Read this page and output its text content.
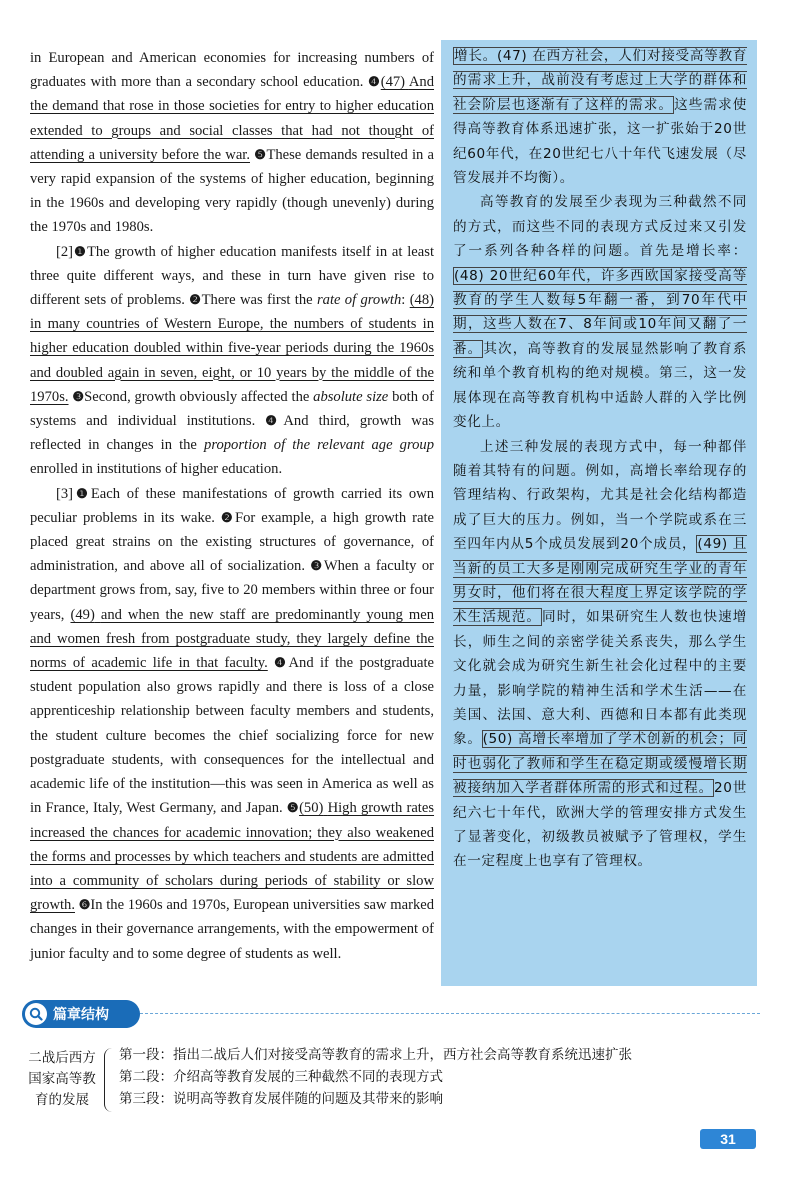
in European and American economies for increasing numbers of graduates with more than a secondary school education. ❹(47) And the demand that rose in those societies for entry to higher education extended to groups and social classes that had not thought of attending a university before the war. ❺These demands resulted in a very rapid expansion of the systems of higher education, beginning in the 1960s and developing very rapidly (though unevenly) during the 1970s and 1980s.

[2]❶The growth of higher education manifests itself in at least three quite different ways, and these in turn have given rise to different sets of problems. ❷There was first the rate of growth: (48) in many countries of Western Europe, the numbers of students in higher education doubled within five-year periods during the 1960s and doubled again in seven, eight, or 10 years by the middle of the 1970s. ❸Second, growth obviously affected the absolute size both of systems and individual institutions. ❹And third, growth was reflected in changes in the proportion of the relevant age group enrolled in institutions of higher education.

[3]❶Each of these manifestations of growth carried its own peculiar problems in its wake. ❷For example, a high growth rate placed great strains on the existing structures of governance, of administration, and above all of socialization. ❸When a faculty or department grows from, say, five to 20 members within three or four years, (49) and when the new staff are predominantly young men and women fresh from postgraduate study, they largely define the norms of academic life in that faculty. ❹And if the postgraduate student population also grows rapidly and there is loss of a close apprenticeship relationship between faculty members and students, the student culture becomes the chief socializing force for new postgraduate students, with consequences for the intellectual and academic life of the institution—this was seen in America as well as in France, Italy, West Germany, and Japan. ❺(50) High growth rates increased the chances for academic innovation; they also weakened the forms and processes by which teachers and students are admitted into a community of scholars during periods of stability or slow growth. ❻In the 1960s and 1970s, European universities saw marked changes in their governance arrangements, with the empowerment of junior faculty and to some degree of students as well.

增长。(47) 在西方社会，人们对接受高等教育的需求上升，战前没有考虑过上大学的群体和社会阶层也逐渐有了这样的需求。这些需求使得高等教育体系迅速扩张，这一扩张始于20世纪60年代，在20世纪七八十年代飞速发展（尽管发展并不均衡）。

高等教育的发展至少表现为三种截然不同的方式，而这些不同的表现方式反过来又引发了一系列各种各样的问题。首先是增长率：(48) 20世纪60年代，许多西欧国家接受高等教育的学生人数每5年翻一番，到70年代中期，这些人数在7、8年间或10年间又翻了一番。其次，高等教育的发展显然影响了教育系统和单个教育机构的绝对规模。第三，这一发展体现在高等教育机构中适龄人群的入学比例变化上。

上述三种发展的表现方式中，每一种都伴随着其特有的问题。例如，高增长率给现存的管理结构、行政架构，尤其是社会化结构都造成了巨大的压力。例如，当一个学院或系在三至四年内从5个成员发展到20个成员，(49) 且当新的员工大多是刚刚完成研究生学业的青年男女时，他们将在很大程度上界定该学院的学术生活规范。同时，如果研究生人数也快速增长，师生之间的亲密学徒关系丧失，那么学生文化就会成为研究生新生社会化过程中的主要力量，影响学院的精神生活和学术生活——在美国、法国、意大利、西德和日本都有此类现象。(50) 高增长率增加了学术创新的机会；同时也弱化了教师和学生在稳定期或缓慢增长期被接纳加入学者群体所需的形式和过程。20世纪六七十年代，欧洲大学的管理安排方式发生了显著变化，初级教员被赋予了管理权，学生在一定程度上也享有了管理权。

篇章结构
二战后西方国家高等教育的发展
第一段：指出二战后人们对接受高等教育的需求上升，西方社会高等教育系统迅速扩张
第二段：介绍高等教育发展的三种截然不同的表现方式
第三段：说明高等教育发展伴随的问题及其带来的影响
31
